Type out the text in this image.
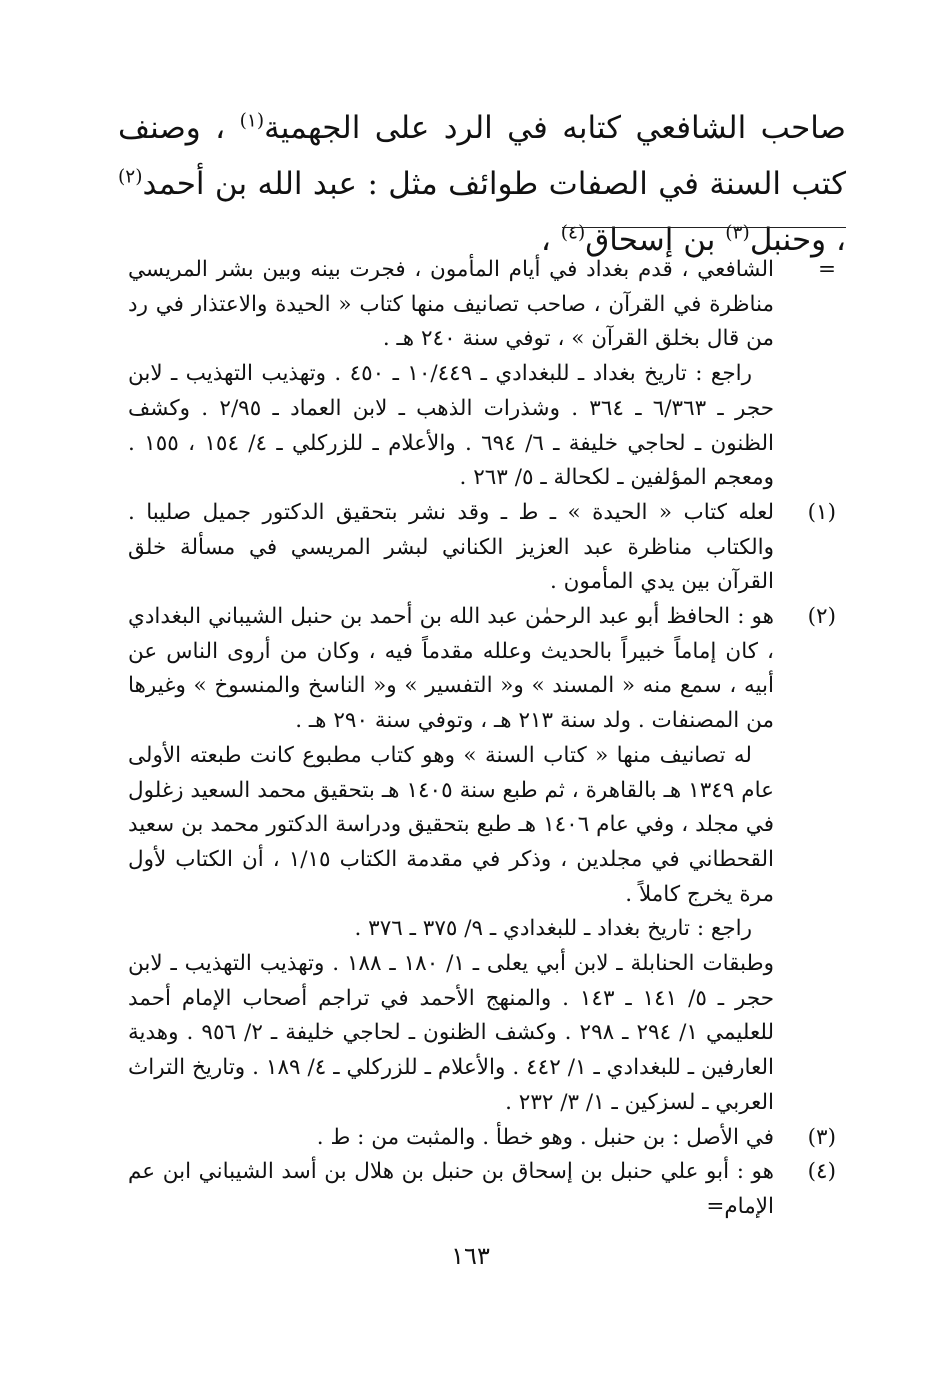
صاحب الشافعي كتابه في الرد على الجهمية$^{(١)}$ ، وصنف كتب السنة في الصفات طوائف مثل : عبد الله بن أحمد$^{(٢)}$ ، وحنبل$^{(٣)}$ بن إسحاق$^{(٤)}$ ،
=

الشافعي ، قدم بغداد في أيام المأمون ، فجرت بينه وبين بشر المريسي مناظرة في القرآن ، صاحب تصانيف منها كتاب « الحيدة والاعتذار في رد من قال بخلق القرآن » ، توفي سنة ٢٤٠ هـ .

راجع : تاريخ بغداد ـ للبغدادي ـ ١٠/٤٤٩ ـ ٤٥٠ . وتهذيب التهذيب ـ لابن حجر ـ ٦/٣٦٣ ـ ٣٦٤ . وشذرات الذهب ـ لابن العماد ـ ٢/٩٥ . وكشف الظنون ـ لحاجي خليفة ـ ٦/ ٦٩٤ . والأعلام ـ للزركلي ـ ٤/ ١٥٤ ، ١٥٥ . ومعجم المؤلفين ـ لكحالة ـ ٥/ ٢٦٣ .

(١)

لعله كتاب « الحيدة » ـ ط ـ وقد نشر بتحقيق الدكتور جميل صليبا . والكتاب مناظرة عبد العزيز الكناني لبشر المريسي في مسألة خلق القرآن بين يدي المأمون .

(٢)

هو : الحافظ أبو عبد الرحمٰن عبد الله بن أحمد بن حنبل الشيباني البغدادي ، كان إماماً خبيراً بالحديث وعلله مقدماً فيه ، وكان من أروى الناس عن أبيه ، سمع منه « المسند » و« التفسير » و« الناسخ والمنسوخ » وغيرها من المصنفات . ولد سنة ٢١٣ هـ ، وتوفي سنة ٢٩٠ هـ .

له تصانيف منها « كتاب السنة » وهو كتاب مطبوع كانت طبعته الأولى عام ١٣٤٩ هـ بالقاهرة ، ثم طبع سنة ١٤٠٥ هـ بتحقيق محمد السعيد زغلول في مجلد ، وفي عام ١٤٠٦ هـ طبع بتحقيق ودراسة الدكتور محمد بن سعيد القحطاني في مجلدين ، وذكر في مقدمة الكتاب ١/١٥ ، أن الكتاب لأول مرة يخرج كاملاً .

راجع : تاريخ بغداد ـ للبغدادي ـ ٩/ ٣٧٥ ـ ٣٧٦ .

وطبقات الحنابلة ـ لابن أبي يعلى ـ ١/ ١٨٠ ـ ١٨٨ . وتهذيب التهذيب ـ لابن حجر ـ ٥/ ١٤١ ـ ١٤٣ . والمنهج الأحمد في تراجم أصحاب الإمام أحمد للعليمي ١/ ٢٩٤ ـ ٢٩٨ . وكشف الظنون ـ لحاجي خليفة ـ ٢/ ٩٥٦ . وهدية العارفين ـ للبغدادي ـ ١/ ٤٤٢ . والأعلام ـ للزركلي ـ ٤/ ١٨٩ . وتاريخ التراث العربي ـ لسزكين ـ ١/ ٣/ ٢٣٢ .

(٣)

في الأصل : بن حنبل . وهو خطأ . والمثبت من : ط .

(٤)

هو : أبو علي حنبل بن إسحاق بن حنبل بن هلال بن أسد الشيباني ابن عم الإمام=

١٦٣
